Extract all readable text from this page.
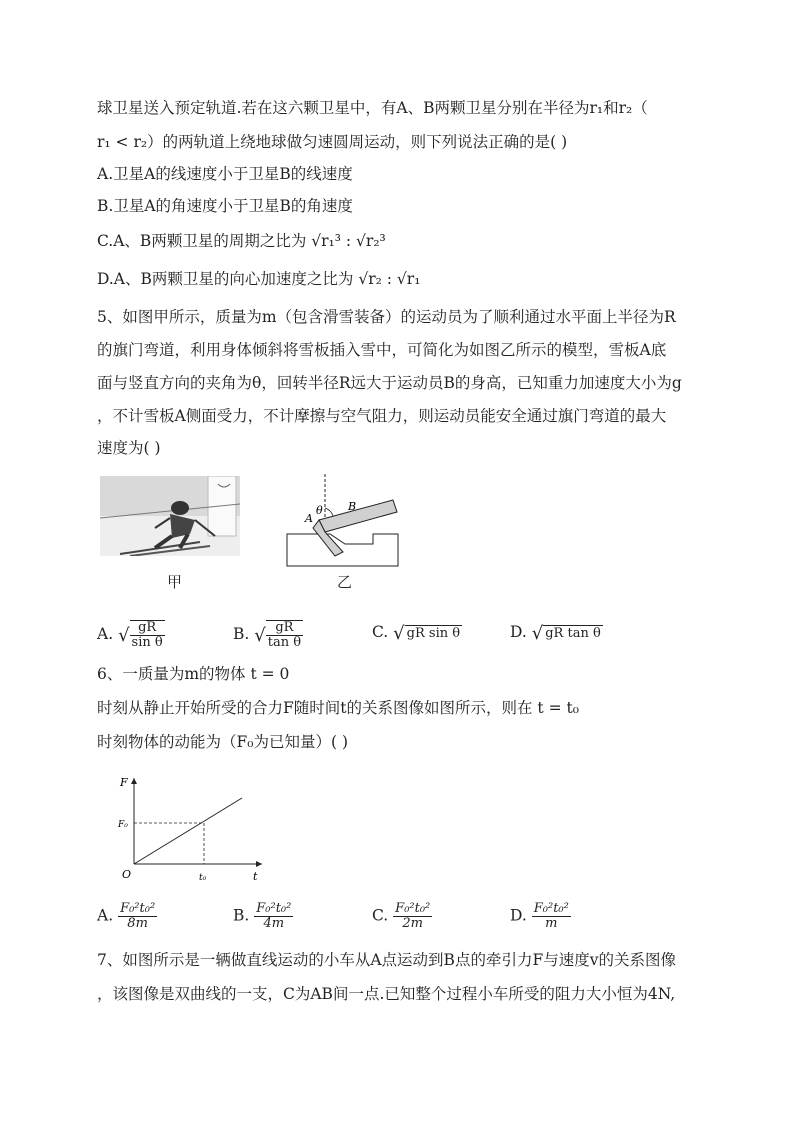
球卫星送入预定轨道.若在这六颗卫星中，有A、B两颗卫星分别在半径为r₁和r₂（
r₁ < r₂）的两轨道上绕地球做匀速圆周运动，则下列说法正确的是( )
A.卫星A的线速度小于卫星B的线速度
B.卫星A的角速度小于卫星B的角速度
C.A、B两颗卫星的周期之比为 √r₁³ : √r₂³
D.A、B两颗卫星的向心加速度之比为 √r₂ : √r₁
5、如图甲所示，质量为m（包含滑雪装备）的运动员为了顺利通过水平面上半径为R
的旗门弯道，利用身体倾斜将雪板插入雪中，可简化为如图乙所示的模型，雪板A底
面与竖直方向的夹角为θ，回转半径R远大于运动员B的身高，已知重力加速度大小为g
，不计雪板A侧面受力，不计摩擦与空气阻力，则运动员能安全通过旗门弯道的最大
速度为( )
甲
A
θ B
乙
A. √ $\frac{gR}{\text{sin θ}}$	B. √ $\frac{gR}{\text{tan θ}}$	C. √ gR sin θ	D. √ gR tan θ
6、一质量为m的物体 t = 0
时刻从静止开始所受的合力F随时间t的关系图像如图所示，则在 t = t₀
时刻物体的动能为（F₀为已知量）( )
F
F₀
O	t₀	t
A. $\frac{\text{F₀²t₀²}}{8m}$	B. $\frac{\text{F₀²t₀²}}{4m}$	C. $\frac{\text{F₀²t₀²}}{2m}$	D. $\frac{\text{F₀²t₀²}}{m}$
7、如图所示是一辆做直线运动的小车从A点运动到B点的牵引力F与速度v的关系图像
，该图像是双曲线的一支，C为AB间一点.已知整个过程小车所受的阻力大小恒为4N,
